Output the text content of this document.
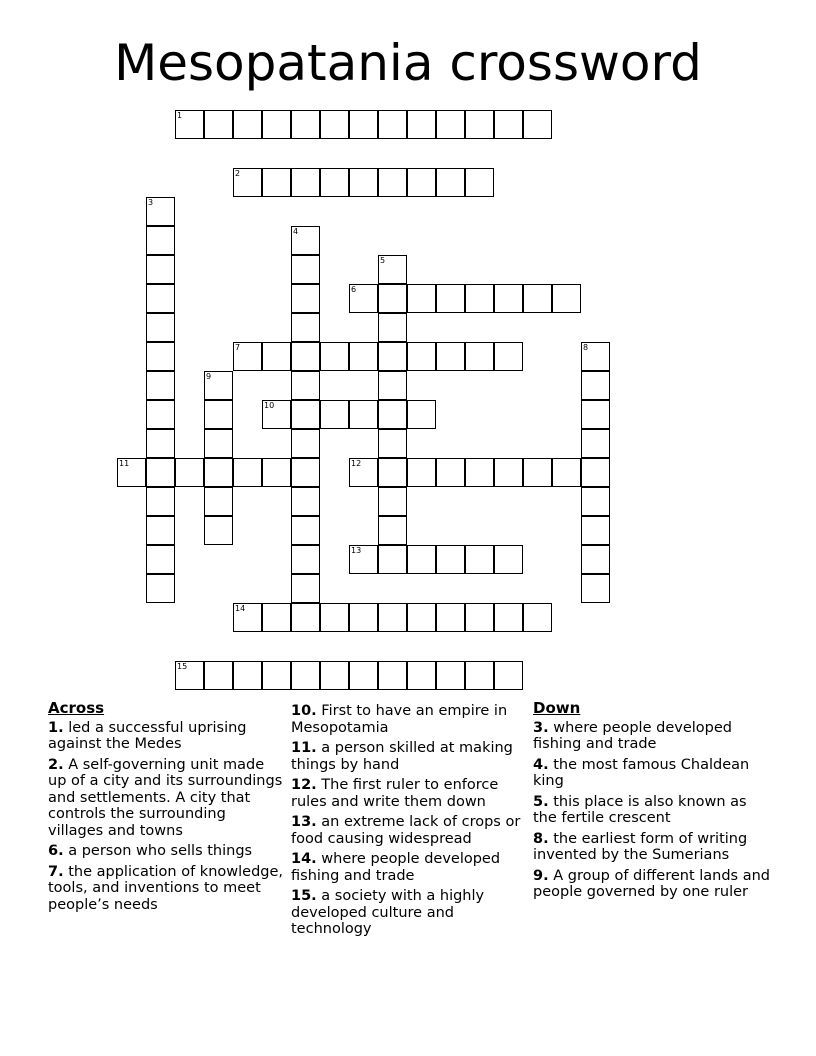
Mesopatania crossword
1
2
3
4
5
6
7	8
9
10
11	12
13
14
15
Across
1. led a successful uprising against the Medes
2. A self-governing unit made up of a city and its surroundings and settlements. A city that controls the surrounding villages and towns
6. a person who sells things
7. the application of knowledge, tools, and inventions to meet people’s needs
10. First to have an empire in Mesopotamia
11. a person skilled at making things by hand
12. The first ruler to enforce rules and write them down
13. an extreme lack of crops or food causing widespread
14. where people developed fishing and trade
15. a society with a highly developed culture and technology
Down
3. where people developed fishing and trade
4. the most famous Chaldean king
5. this place is also known as the fertile crescent
8. the earliest form of writing invented by the Sumerians
9. A group of different lands and people governed by one ruler
